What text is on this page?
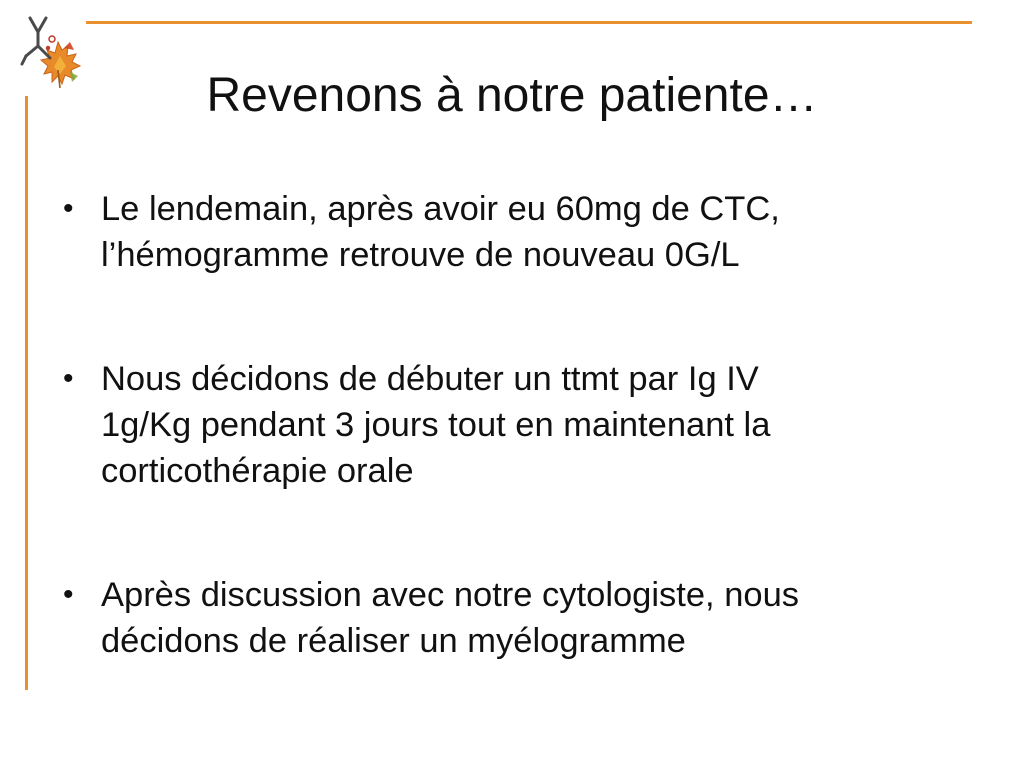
Revenons à notre patiente…
• Le lendemain, après avoir eu 60mg de CTC,
l’hémogramme retrouve de nouveau 0G/L
• Nous décidons de débuter un ttmt par Ig IV
1g/Kg pendant 3 jours tout en maintenant la
corticothérapie orale
• Après discussion avec notre cytologiste, nous
décidons de réaliser un myélogramme
